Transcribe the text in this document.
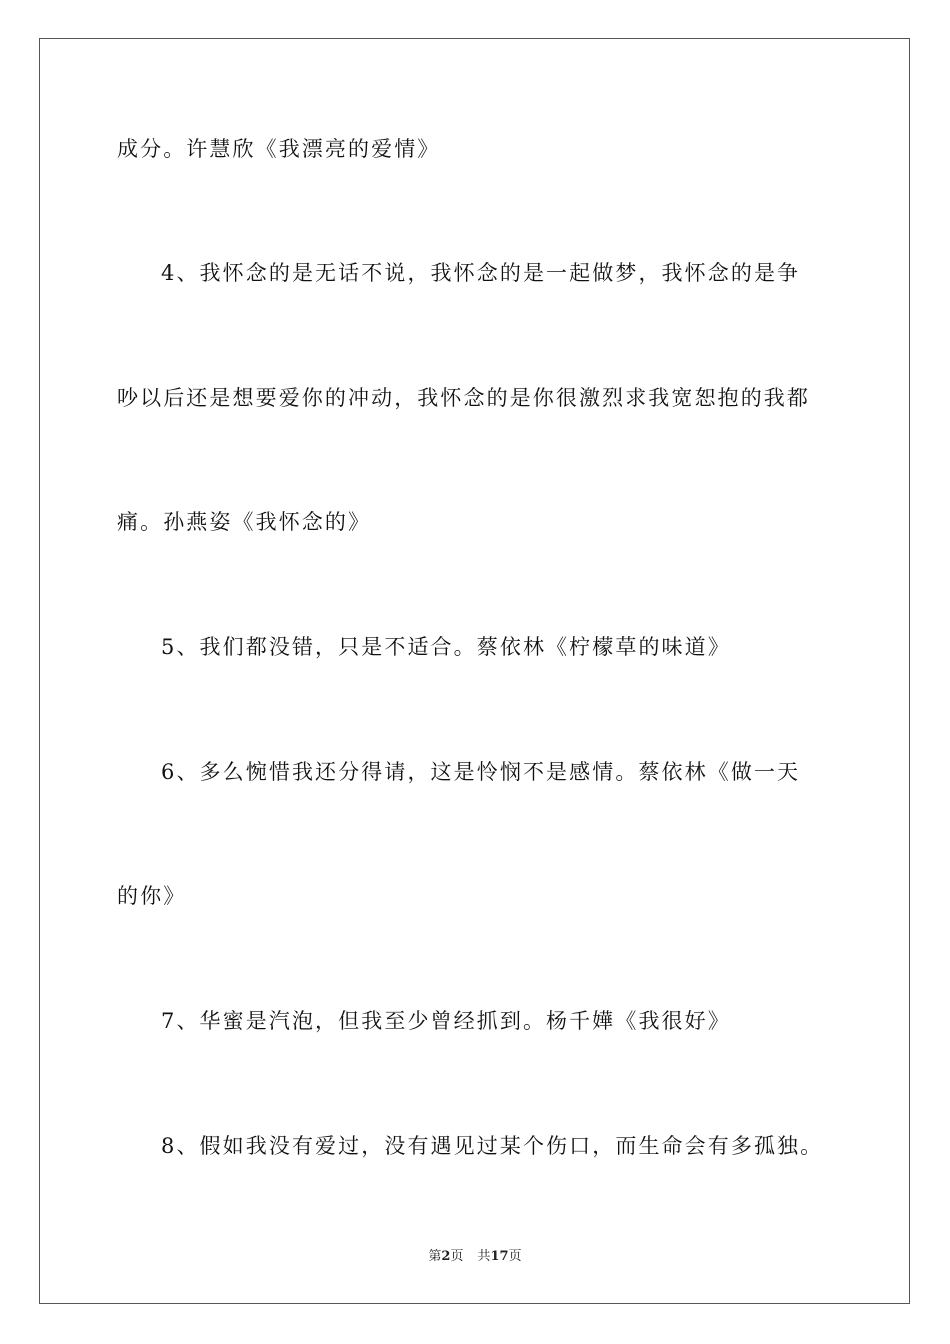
成分。许慧欣《我漂亮的爱情》
4、我怀念的是无话不说，我怀念的是一起做梦，我怀念的是争
吵以后还是想要爱你的冲动，我怀念的是你很激烈求我宽恕抱的我都
痛。孙燕姿《我怀念的》
5、我们都没错，只是不适合。蔡依林《柠檬草的味道》
6、多么惋惜我还分得请，这是怜悯不是感情。蔡依林《做一天
的你》
7、华蜜是汽泡，但我至少曾经抓到。杨千嬅《我很好》
8、假如我没有爱过，没有遇见过某个伤口，而生命会有多孤独。
第2页 共17页
